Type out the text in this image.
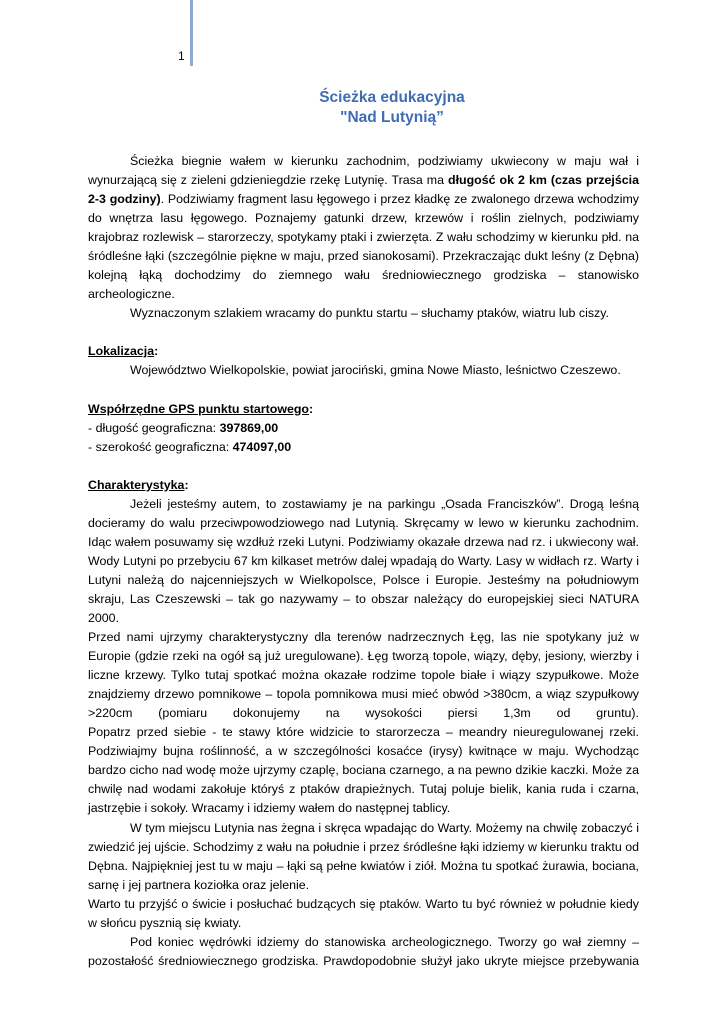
1
Ścieżka edukacyjna
"Nad Lutynią”

Ścieżka biegnie wałem w kierunku zachodnim, podziwiamy ukwiecony w maju wał i wynurzającą się z zieleni gdzieniegdzie rzekę Lutynię. Trasa ma długość ok 2 km (czas przejścia 2-3 godziny). Podziwiamy fragment lasu łęgowego i przez kładkę ze zwalonego drzewa wchodzimy do wnętrza lasu łęgowego. Poznajemy gatunki drzew, krzewów i roślin zielnych, podziwiamy krajobraz rozlewisk – starorzeczy, spotykamy ptaki i zwierzęta. Z wału schodzimy w kierunku płd. na śródleśne łąki (szczególnie piękne w maju, przed sianokosami). Przekraczając dukt leśny (z Dębna) kolejną łąką dochodzimy do ziemnego wału średniowiecznego grodziska – stanowisko archeologiczne.

Wyznaczonym szlakiem wracamy do punktu startu – słuchamy ptaków, wiatru lub ciszy.

Lokalizacja:

Województwo Wielkopolskie, powiat jarociński, gmina Nowe Miasto, leśnictwo Czeszewo.

Współrzędne GPS punktu startowego:

- długość geograficzna: 397869,00

- szerokość geograficzna: 474097,00

Charakterystyka:

Jeżeli jesteśmy autem, to zostawiamy je na parkingu „Osada Franciszków”. Drogą leśną docieramy do walu przeciwpowodziowego nad Lutynią. Skręcamy w lewo w kierunku zachodnim. Idąc wałem posuwamy się wzdłuż rzeki Lutyni. Podziwiamy okazałe drzewa nad rz. i ukwiecony wał. Wody Lutyni po przebyciu 67 km kilkaset metrów dalej wpadają do Warty. Lasy w widłach rz. Warty i Lutyni należą do najcenniejszych w Wielkopolsce, Polsce i Europie. Jesteśmy na południowym skraju, Las Czeszewski – tak go nazywamy – to obszar należący do europejskiej sieci NATURA 2000.

Przed nami ujrzymy charakterystyczny dla terenów nadrzecznych Łęg, las nie spotykany już w Europie (gdzie rzeki na ogół są już uregulowane). Łęg tworzą topole, wiązy, dęby, jesiony, wierzby i liczne krzewy. Tylko tutaj spotkać można okazałe rodzime topole białe i wiązy szypułkowe. Może znajdziemy drzewo pomnikowe – topola pomnikowa musi mieć obwód >380cm, a wiąz szypułkowy >220cm (pomiaru dokonujemy na wysokości piersi 1,3m od gruntu).

Popatrz przed siebie - te stawy które widzicie to starorzecza – meandry nieuregulowanej rzeki. Podziwiajmy bujna roślinność, a w szczególności kosaćce (irysy) kwitnące w maju. Wychodząc bardzo cicho nad wodę może ujrzymy czaplę, bociana czarnego, a na pewno dzikie kaczki. Może za chwilę nad wodami zakołuje któryś z ptaków drapieżnych. Tutaj poluje bielik, kania ruda i czarna, jastrzębie i sokoły. Wracamy i idziemy wałem do następnej tablicy.

W tym miejscu Lutynia nas żegna i skręca wpadając do Warty. Możemy na chwilę zobaczyć i zwiedzić jej ujście. Schodzimy z wału na południe i przez śródleśne łąki idziemy w kierunku traktu od Dębna. Najpiękniej jest tu w maju – łąki są pełne kwiatów i ziół. Można tu spotkać żurawia, bociana, sarnę i jej partnera koziołka oraz jelenie.

Warto tu przyjść o świcie i posłuchać budzących się ptaków. Warto tu być również w południe kiedy w słońcu pysznią się kwiaty.

Pod koniec wędrówki idziemy do stanowiska archeologicznego. Tworzy go wał ziemny – pozostałość średniowiecznego grodziska. Prawdopodobnie służył jako ukryte miejsce przebywania
